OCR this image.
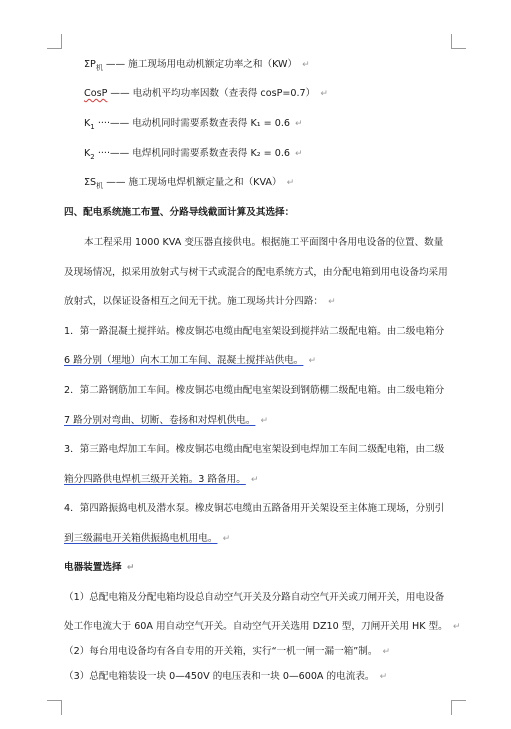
$\Sigma P_机$ —— 施工现场用电动机额定功率之和（KW） ↵
CosP —— 电动机平均功率因数（查表得 cosP=0.7） ↵
$K_1$ ····—— 电动机同时需要系数查表得 K₁ = 0.6 ↵
$K_2$ ····—— 电焊机同时需要系数查表得 K₂ = 0.6 ↵
$\Sigma S_机$ —— 施工现场电焊机额定量之和（KVA） ↵
四、配电系统施工布置、分路导线截面计算及其选择：
本工程采用 1000 KVA 变压器直接供电。根据施工平面图中各用电设备的位置、数量
及现场情况，拟采用放射式与树干式或混合的配电系统方式，由分配电箱到用电设备均采用
放射式，以保证设备相互之间无干扰。施工现场共计分四路： ↵
1．第一路混凝土搅拌站。橡皮铜芯电缆由配电室架设到搅拌站二级配电箱。由二级电箱分
6 路分别（埋地）向木工加工车间、混凝土搅拌站供电。 ↵
2．第二路钢筋加工车间。橡皮铜芯电缆由配电室架设到钢筋棚二级配电箱。由二级电箱分
7 路分别对弯曲、切断、卷扬和对焊机供电。 ↵
3．第三路电焊加工车间。橡皮铜芯电缆由配电室架设到电焊加工车间二级配电箱，由二级
箱分四路供电焊机三级开关箱。3 路备用。 ↵
4．第四路振捣电机及潜水泵。橡皮铜芯电缆由五路备用开关架设至主体施工现场，分别引
到三级漏电开关箱供振捣电机用电。 ↵
电器装置选择 ↵
（1）总配电箱及分配电箱均设总自动空气开关及分路自动空气开关或刀闸开关，用电设备
处工作电流大于 60A 用自动空气开关。自动空气开关选用 DZ10 型，刀闸开关用 HK 型。 ↵
（2）每台用电设备均有各自专用的开关箱，实行“一机一闸一漏一箱”制。 ↵
（3）总配电箱装设一块 0—450V 的电压表和一块 0—600A 的电流表。 ↵
